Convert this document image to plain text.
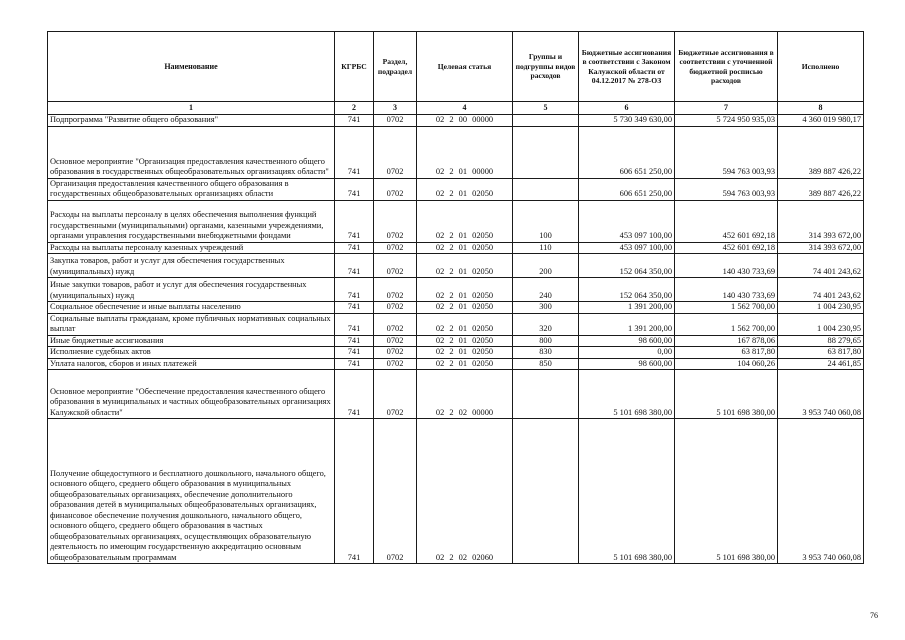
Наименование	КГРБС	Раздел, подраздел	Целевая статья	Группы и подгруппы видов расходов	Бюджетные ассигнования в соответствии с Законом Калужской области от 04.12.2017 № 278-ОЗ	Бюджетные ассигнования в соответствии с уточненной бюджетной росписью расходов	Исполнено
1	2	3	4	5	6	7	8
Подпрограмма "Развитие общего образования"	741	0702	02 2 00 00000		5 730 349 630,00	5 724 950 935,03	4 360 019 980,17
Основное мероприятие "Организация предоставления качественного общего образования в государственных общеобразовательных организациях области"	741	0702	02 2 01 00000		606 651 250,00	594 763 003,93	389 887 426,22
Организация предоставления качественного общего образования в государственных общеобразовательных организациях области	741	0702	02 2 01 02050		606 651 250,00	594 763 003,93	389 887 426,22
Расходы на выплаты персоналу в целях обеспечения выполнения функций государственными (муниципальными) органами, казенными учреждениями, органами управления государственными внебюджетными фондами	741	0702	02 2 01 02050	100	453 097 100,00	452 601 692,18	314 393 672,00
Расходы на выплаты персоналу казенных учреждений	741	0702	02 2 01 02050	110	453 097 100,00	452 601 692,18	314 393 672,00
Закупка товаров, работ и услуг для обеспечения государственных (муниципальных) нужд	741	0702	02 2 01 02050	200	152 064 350,00	140 430 733,69	74 401 243,62
Иные закупки товаров, работ и услуг для обеспечения государственных (муниципальных) нужд	741	0702	02 2 01 02050	240	152 064 350,00	140 430 733,69	74 401 243,62
Социальное обеспечение и иные выплаты населению	741	0702	02 2 01 02050	300	1 391 200,00	1 562 700,00	1 004 230,95
Социальные выплаты гражданам, кроме публичных нормативных социальных выплат	741	0702	02 2 01 02050	320	1 391 200,00	1 562 700,00	1 004 230,95
Иные бюджетные ассигнования	741	0702	02 2 01 02050	800	98 600,00	167 878,06	88 279,65
Исполнение судебных актов	741	0702	02 2 01 02050	830	0,00	63 817,80	63 817,80
Уплата налогов, сборов и иных платежей	741	0702	02 2 01 02050	850	98 600,00	104 060,26	24 461,85
Основное мероприятие "Обеспечение предоставления качественного общего образования в муниципальных и частных общеобразовательных организациях Калужской области"	741	0702	02 2 02 00000		5 101 698 380,00	5 101 698 380,00	3 953 740 060,08
Получение общедоступного и бесплатного дошкольного, начального общего, основного общего, среднего общего образования в муниципальных общеобразовательных организациях, обеспечение дополнительного образования детей в муниципальных общеобразовательных организациях, финансовое обеспечение получения дошкольного, начального общего, основного общего, среднего общего образования в частных общеобразовательных организациях, осуществляющих образовательную деятельность по имеющим государственную аккредитацию основным общеобразовательным программам	741	0702	02 2 02 02060		5 101 698 380,00	5 101 698 380,00	3 953 740 060,08
76
